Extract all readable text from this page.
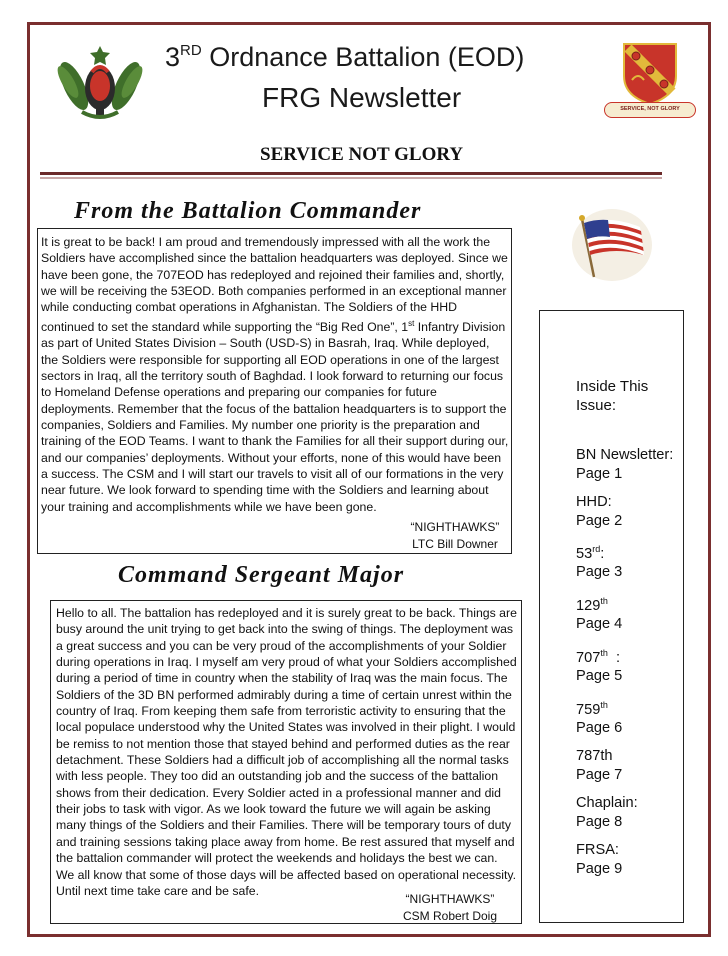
SERVICE, NOT GLORY
3RD Ordnance Battalion (EOD)
FRG Newsletter
SERVICE NOT GLORY
From the Battalion Commander

It is great to be back! I am proud and tremendously impressed with all the work the Soldiers have accomplished since the battalion headquarters was deployed. Since we have been gone, the 707EOD has redeployed and rejoined their families and, shortly, we will be receiving the 53EOD. Both companies performed in an exceptional manner while conducting combat operations in Afghanistan. The Soldiers of the HHD continued to set the standard while supporting the “Big Red One”, 1st Infantry Division as part of United States Division – South (USD-S) in Basrah, Iraq. While deployed, the Soldiers were responsible for supporting all EOD operations in one of the largest sectors in Iraq, all the territory south of Baghdad. I look forward to returning our focus to Homeland Defense operations and preparing our companies for future deployments. Remember that the focus of the battalion headquarters is to support the companies, Soldiers and Families. My number one priority is the preparation and training of the EOD Teams. I want to thank the Families for all their support during our, and our companies’ deployments. Without your efforts, none of this would have been a success. The CSM and I will start our travels to visit all of our formations in the very near future. We look forward to spending time with the Soldiers and learning about your training and accomplishments while we have been gone.

“NIGHTHAWKS”
LTC Bill Downer
Command Sergeant Major

Hello to all. The battalion has redeployed and it is surely great to be back. Things are busy around the unit trying to get back into the swing of things. The deployment was a great success and you can be very proud of the accomplishments of your Soldier during operations in Iraq. I myself am very proud of what your Soldiers accomplished during a period of time in country when the stability of Iraq was the main focus. The Soldiers of the 3D BN performed admirably during a time of certain unrest within the country of Iraq. From keeping them safe from terroristic activity to ensuring that the local populace understood why the United States was involved in their plight. I would be remiss to not mention those that stayed behind and performed duties as the rear detachment. These Soldiers had a difficult job of accomplishing all the normal tasks with less people. They too did an outstanding job and the success of the battalion shows from their dedication. Every Soldier acted in a professional manner and did their jobs to task with vigor. As we look toward the future we will again be asking many things of the Soldiers and their Families. There will be temporary tours of duty and training sessions taking place away from home. Be rest assured that myself and the battalion commander will protect the weekends and holidays the best we can. We all know that some of those days will be affected based on operational necessity. Until next time take care and be safe.

“NIGHTHAWKS”
CSM Robert Doig
Inside This Issue:
BN Newsletter:
Page 1
HHD:
Page 2
53rd:
Page 3
129th
Page 4
707th  :
Page 5
759th
Page 6
787th
Page 7
Chaplain:
Page 8
FRSA:
Page 9
